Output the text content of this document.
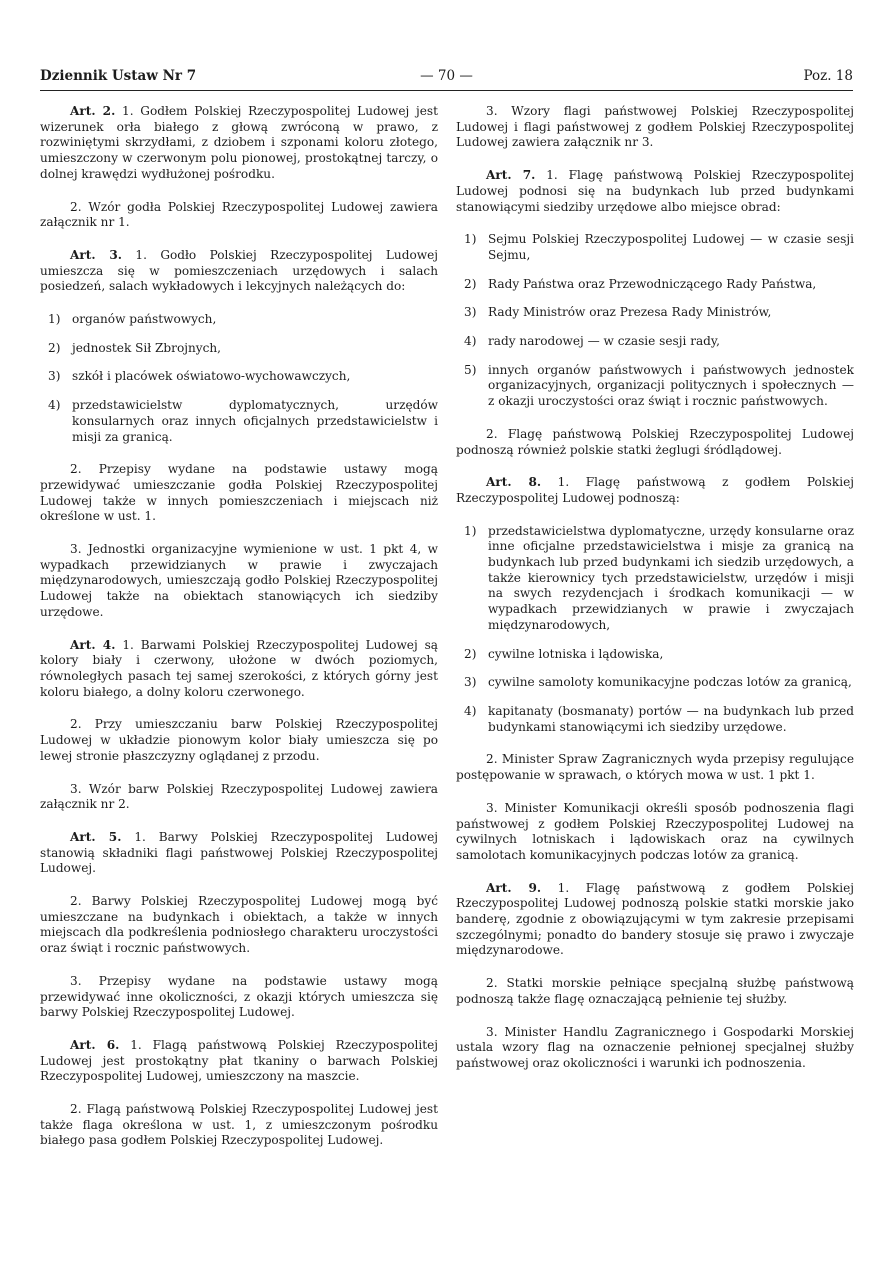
Dziennik Ustaw Nr 7	— 70 —	Poz. 18

Art. 2. 1. Godłem Polskiej Rzeczypospolitej Ludowej jest wizerunek orła białego z głową zwróconą w prawo, z rozwiniętymi skrzydłami, z dziobem i szponami koloru złotego, umieszczony w czerwonym polu pionowej, prostokątnej tarczy, o dolnej krawędzi wydłużonej pośrodku.

2. Wzór godła Polskiej Rzeczypospolitej Ludowej zawiera załącznik nr 1.

Art. 3. 1. Godło Polskiej Rzeczypospolitej Ludowej umieszcza się w pomieszczeniach urzędowych i salach posiedzeń, salach wykładowych i lekcyjnych należących do:

1) organów państwowych,
2) jednostek Sił Zbrojnych,
3) szkół i placówek oświatowo-wychowawczych,
4) przedstawicielstw dyplomatycznych, urzędów konsularnych oraz innych oficjalnych przedstawicielstw i misji za granicą.

2. Przepisy wydane na podstawie ustawy mogą przewidywać umieszczanie godła Polskiej Rzeczypospolitej Ludowej także w innych pomieszczeniach i miejscach niż określone w ust. 1.

3. Jednostki organizacyjne wymienione w ust. 1 pkt 4, w wypadkach przewidzianych w prawie i zwyczajach międzynarodowych, umieszczają godło Polskiej Rzeczypospolitej Ludowej także na obiektach stanowiących ich siedziby urzędowe.

Art. 4. 1. Barwami Polskiej Rzeczypospolitej Ludowej są kolory biały i czerwony, ułożone w dwóch poziomych, równoległych pasach tej samej szerokości, z których górny jest koloru białego, a dolny koloru czerwonego.

2. Przy umieszczaniu barw Polskiej Rzeczypospolitej Ludowej w układzie pionowym kolor biały umieszcza się po lewej stronie płaszczyzny oglądanej z przodu.

3. Wzór barw Polskiej Rzeczypospolitej Ludowej zawiera załącznik nr 2.

Art. 5. 1. Barwy Polskiej Rzeczypospolitej Ludowej stanowią składniki flagi państwowej Polskiej Rzeczypospolitej Ludowej.

2. Barwy Polskiej Rzeczypospolitej Ludowej mogą być umieszczane na budynkach i obiektach, a także w innych miejscach dla podkreślenia podniosłego charakteru uroczystości oraz świąt i rocznic państwowych.

3. Przepisy wydane na podstawie ustawy mogą przewidywać inne okoliczności, z okazji których umieszcza się barwy Polskiej Rzeczypospolitej Ludowej.

Art. 6. 1. Flagą państwową Polskiej Rzeczypospolitej Ludowej jest prostokątny płat tkaniny o barwach Polskiej Rzeczypospolitej Ludowej, umieszczony na maszcie.

2. Flagą państwową Polskiej Rzeczypospolitej Ludowej jest także flaga określona w ust. 1, z umieszczonym pośrodku białego pasa godłem Polskiej Rzeczypospolitej Ludowej.

3. Wzory flagi państwowej Polskiej Rzeczypospolitej Ludowej i flagi państwowej z godłem Polskiej Rzeczypospolitej Ludowej zawiera załącznik nr 3.

Art. 7. 1. Flagę państwową Polskiej Rzeczypospolitej Ludowej podnosi się na budynkach lub przed budynkami stanowiącymi siedziby urzędowe albo miejsce obrad:

1) Sejmu Polskiej Rzeczypospolitej Ludowej — w czasie sesji Sejmu,
2) Rady Państwa oraz Przewodniczącego Rady Państwa,
3) Rady Ministrów oraz Prezesa Rady Ministrów,
4) rady narodowej — w czasie sesji rady,
5) innych organów państwowych i państwowych jednostek organizacyjnych, organizacji politycznych i społecznych — z okazji uroczystości oraz świąt i rocznic państwowych.

2. Flagę państwową Polskiej Rzeczypospolitej Ludowej podnoszą również polskie statki żeglugi śródlądowej.

Art. 8. 1. Flagę państwową z godłem Polskiej Rzeczypospolitej Ludowej podnoszą:

1) przedstawicielstwa dyplomatyczne, urzędy konsularne oraz inne oficjalne przedstawicielstwa i misje za granicą na budynkach lub przed budynkami ich siedzib urzędowych, a także kierownicy tych przedstawicielstw, urzędów i misji na swych rezydencjach i środkach komunikacji — w wypadkach przewidzianych w prawie i zwyczajach międzynarodowych,
2) cywilne lotniska i lądowiska,
3) cywilne samoloty komunikacyjne podczas lotów za granicą,
4) kapitanaty (bosmanaty) portów — na budynkach lub przed budynkami stanowiącymi ich siedziby urzędowe.

2. Minister Spraw Zagranicznych wyda przepisy regulujące postępowanie w sprawach, o których mowa w ust. 1 pkt 1.

3. Minister Komunikacji określi sposób podnoszenia flagi państwowej z godłem Polskiej Rzeczypospolitej Ludowej na cywilnych lotniskach i lądowiskach oraz na cywilnych samolotach komunikacyjnych podczas lotów za granicą.

Art. 9. 1. Flagę państwową z godłem Polskiej Rzeczypospolitej Ludowej podnoszą polskie statki morskie jako banderę, zgodnie z obowiązującymi w tym zakresie przepisami szczególnymi; ponadto do bandery stosuje się prawo i zwyczaje międzynarodowe.

2. Statki morskie pełniące specjalną służbę państwową podnoszą także flagę oznaczającą pełnienie tej służby.

3. Minister Handlu Zagranicznego i Gospodarki Morskiej ustala wzory flag na oznaczenie pełnionej specjalnej służby państwowej oraz okoliczności i warunki ich podnoszenia.
